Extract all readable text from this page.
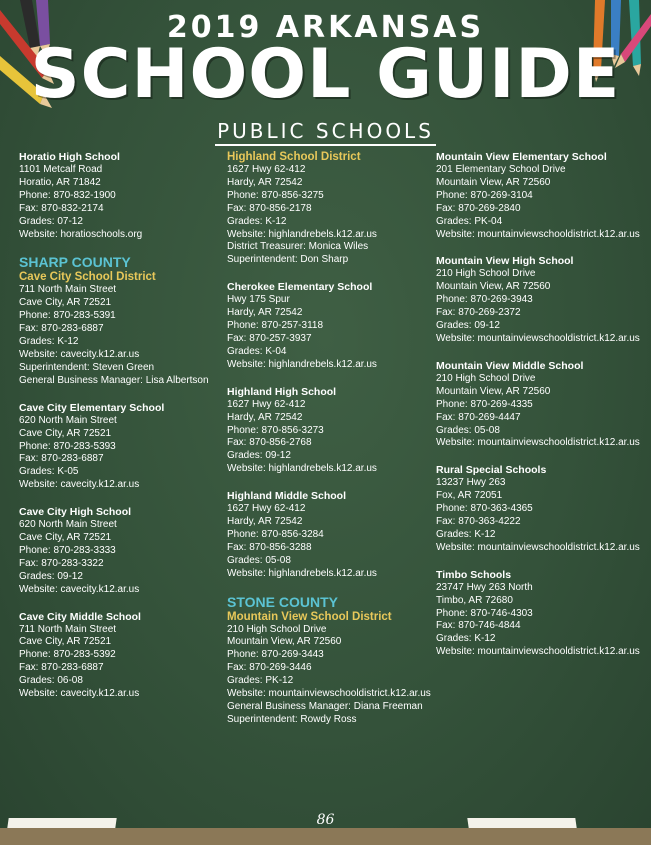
2019 ARKANSAS
SCHOOL GUIDE
PUBLIC SCHOOLS
Horatio High School
1101 Metcalf Road
Horatio, AR 71842
Phone: 870-832-1900
Fax: 870-832-2174
Grades: 07-12
Website: horatioschools.org
SHARP COUNTY
Cave City School District
711 North Main Street
Cave City, AR 72521
Phone: 870-283-5391
Fax: 870-283-6887
Grades: K-12
Website: cavecity.k12.ar.us
Superintendent: Steven Green
General Business Manager: Lisa Albertson
Cave City Elementary School
620 North Main Street
Cave City, AR 72521
Phone: 870-283-5393
Fax: 870-283-6887
Grades: K-05
Website: cavecity.k12.ar.us
Cave City High School
620 North Main Street
Cave City, AR 72521
Phone: 870-283-3333
Fax: 870-283-3322
Grades: 09-12
Website: cavecity.k12.ar.us
Cave City Middle School
711 North Main Street
Cave City, AR 72521
Phone: 870-283-5392
Fax: 870-283-6887
Grades: 06-08
Website: cavecity.k12.ar.us
Highland School District
1627 Hwy 62-412
Hardy, AR 72542
Phone: 870-856-3275
Fax: 870-856-2178
Grades: K-12
Website: highlandrebels.k12.ar.us
District Treasurer: Monica Wiles
Superintendent: Don Sharp
Cherokee Elementary School
Hwy 175 Spur
Hardy, AR 72542
Phone: 870-257-3118
Fax: 870-257-3937
Grades: K-04
Website: highlandrebels.k12.ar.us
Highland High School
1627 Hwy 62-412
Hardy, AR 72542
Phone: 870-856-3273
Fax: 870-856-2768
Grades: 09-12
Website: highlandrebels.k12.ar.us
Highland Middle School
1627 Hwy 62-412
Hardy, AR 72542
Phone: 870-856-3284
Fax: 870-856-3288
Grades: 05-08
Website: highlandrebels.k12.ar.us
STONE COUNTY
Mountain View School District
210 High School Drive
Mountain View, AR 72560
Phone: 870-269-3443
Fax: 870-269-3446
Grades: PK-12
Website: mountainviewschooldistrict.k12.ar.us
General Business Manager: Diana Freeman
Superintendent: Rowdy Ross
Mountain View Elementary School
201 Elementary School Drive
Mountain View, AR 72560
Phone: 870-269-3104
Fax: 870-269-2840
Grades: PK-04
Website: mountainviewschooldistrict.k12.ar.us
Mountain View High School
210 High School Drive
Mountain View, AR 72560
Phone: 870-269-3943
Fax: 870-269-2372
Grades: 09-12
Website: mountainviewschooldistrict.k12.ar.us
Mountain View Middle School
210 High School Drive
Mountain View, AR 72560
Phone: 870-269-4335
Fax: 870-269-4447
Grades: 05-08
Website: mountainviewschooldistrict.k12.ar.us
Rural Special Schools
13237 Hwy 263
Fox, AR 72051
Phone: 870-363-4365
Fax: 870-363-4222
Grades: K-12
Website: mountainviewschooldistrict.k12.ar.us
Timbo Schools
23747 Hwy 263 North
Timbo, AR 72680
Phone: 870-746-4303
Fax: 870-746-4844
Grades: K-12
Website: mountainviewschooldistrict.k12.ar.us
86
